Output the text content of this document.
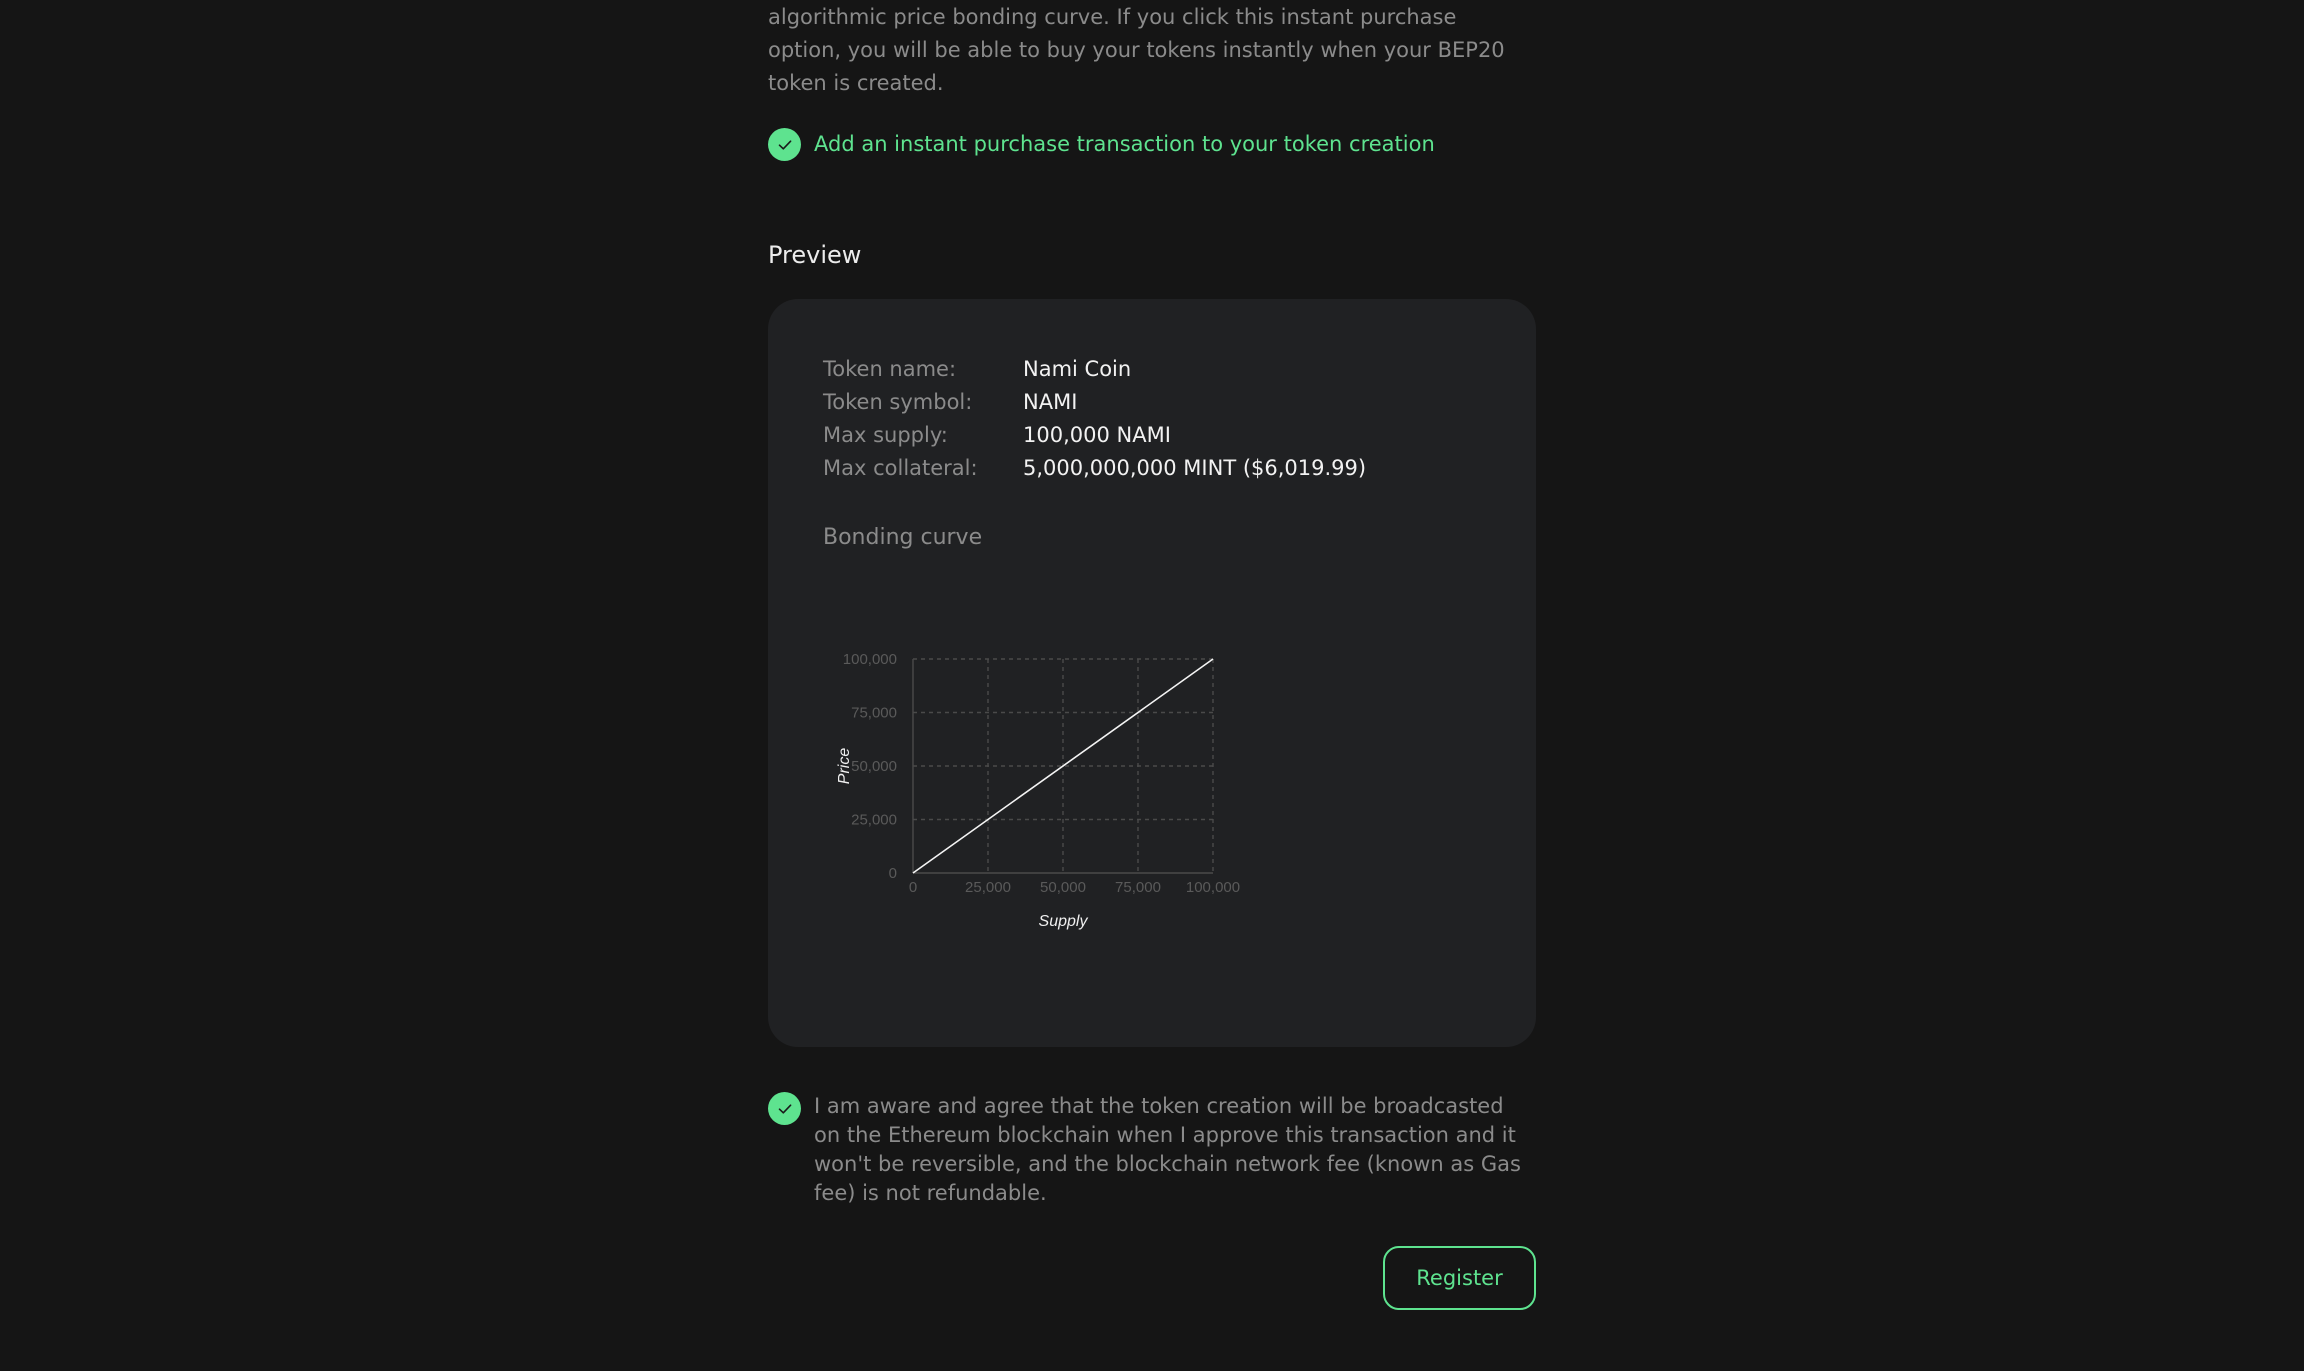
algorithmic price bonding curve. If you click this instant purchase option, you will be able to buy your tokens instantly when your BEP20 token is created.

Add an instant purchase transaction to your token creation
Preview
Token name:	Nami Coin
Token symbol:	NAMI
Max supply:	100,000 NAMI
Max collateral:	5,000,000,000 MINT ($6,019.99)
Bonding curve
0	25,000 50,000 75,000 100,000
0
25,000
50,000
75,000
100,000
Supply
Price

I am aware and agree that the token creation will be broadcasted on the Ethereum blockchain when I approve this transaction and it won't be reversible, and the blockchain network fee (known as Gas fee) is not refundable.

Register
